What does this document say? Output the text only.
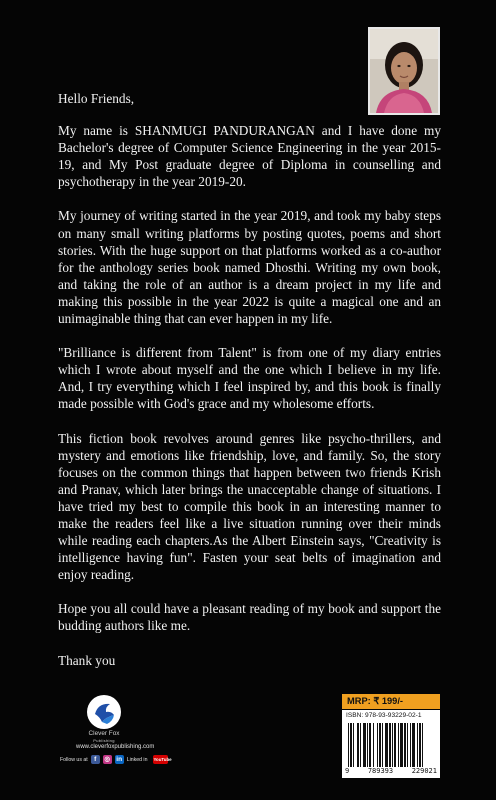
Hello Friends,

My name is SHANMUGI PANDURANGAN and I have done my Bachelor's degree of Computer Science Engineering in the year 2015-19, and My Post graduate degree of Diploma in counselling and psychotherapy in the year 2019-20.

My journey of writing started in the year 2019, and took my baby steps on many small writing platforms by posting quotes, poems and short stories. With the huge support on that platforms worked as a co-author for the anthology series book named Dhosthi. Writing my own book, and taking the role of an author is a dream project in my life and making this possible in the year 2022 is quite a magical one and an unimaginable thing that can ever happen in my life.

"Brilliance is different from Talent" is from one of my diary entries which I wrote about myself and the one which I believe in my life. And, I try everything which I feel inspired by, and this book is finally made possible with God's grace and my wholesome efforts.

This fiction book revolves around genres like psycho-thrillers, and mystery and emotions like friendship, love, and family. So, the story focuses on the common things that happen between two friends Krish and Pranav, which later brings the unacceptable change of situations. I have tried my best to compile this book in an interesting manner to make the readers feel like a live situation running over their minds while reading each chapters.As the Albert Einstein says, "Creativity is intelligence having fun". Fasten your seat belts of imagination and enjoy reading.

Hope you all could have a pleasant reading of my book and support the budding authors like me.

Thank you

Clever Fox
Publishing
www.cleverfoxpublishing.com
Follow us at f	◎ in Linked in YouTube
MRP: ₹ 199/-
ISBN: 978-93-93229-02-1
9	789393	229021
